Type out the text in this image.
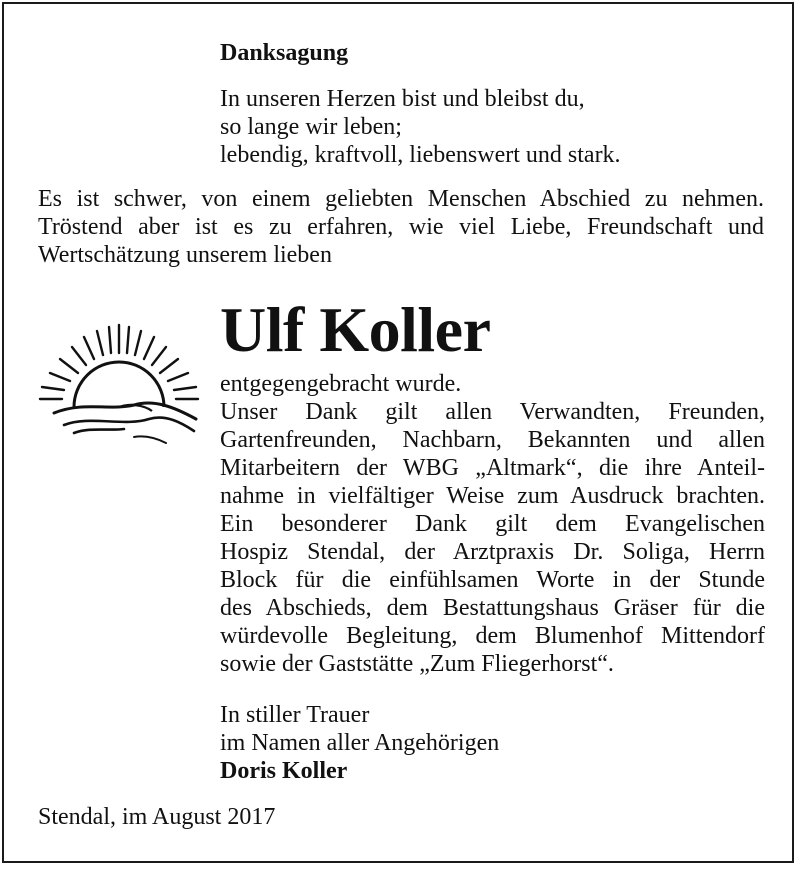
Danksagung
In unseren Herzen bist und bleibst du,
so lange wir leben;
lebendig, kraftvoll, liebenswert und stark.
Es ist schwer, von einem geliebten Menschen Abschied zu nehmen.
Tröstend aber ist es zu erfahren, wie viel Liebe, Freundschaft und
Wertschätzung unserem lieben
Ulf Koller
entgegengebracht wurde.
Unser Dank gilt allen Verwandten, Freunden,
Gartenfreunden, Nachbarn, Bekannten und allen
Mitarbeitern der WBG „Altmark“, die ihre Anteil-
nahme in vielfältiger Weise zum Ausdruck brachten.
Ein besonderer Dank gilt dem Evangelischen
Hospiz Stendal, der Arztpraxis Dr. Soliga, Herrn
Block für die einfühlsamen Worte in der Stunde
des Abschieds, dem Bestattungshaus Gräser für die
würdevolle Begleitung, dem Blumenhof Mittendorf
sowie der Gaststätte „Zum Fliegerhorst“.
In stiller Trauer
im Namen aller Angehörigen
Doris Koller
Stendal, im August 2017
